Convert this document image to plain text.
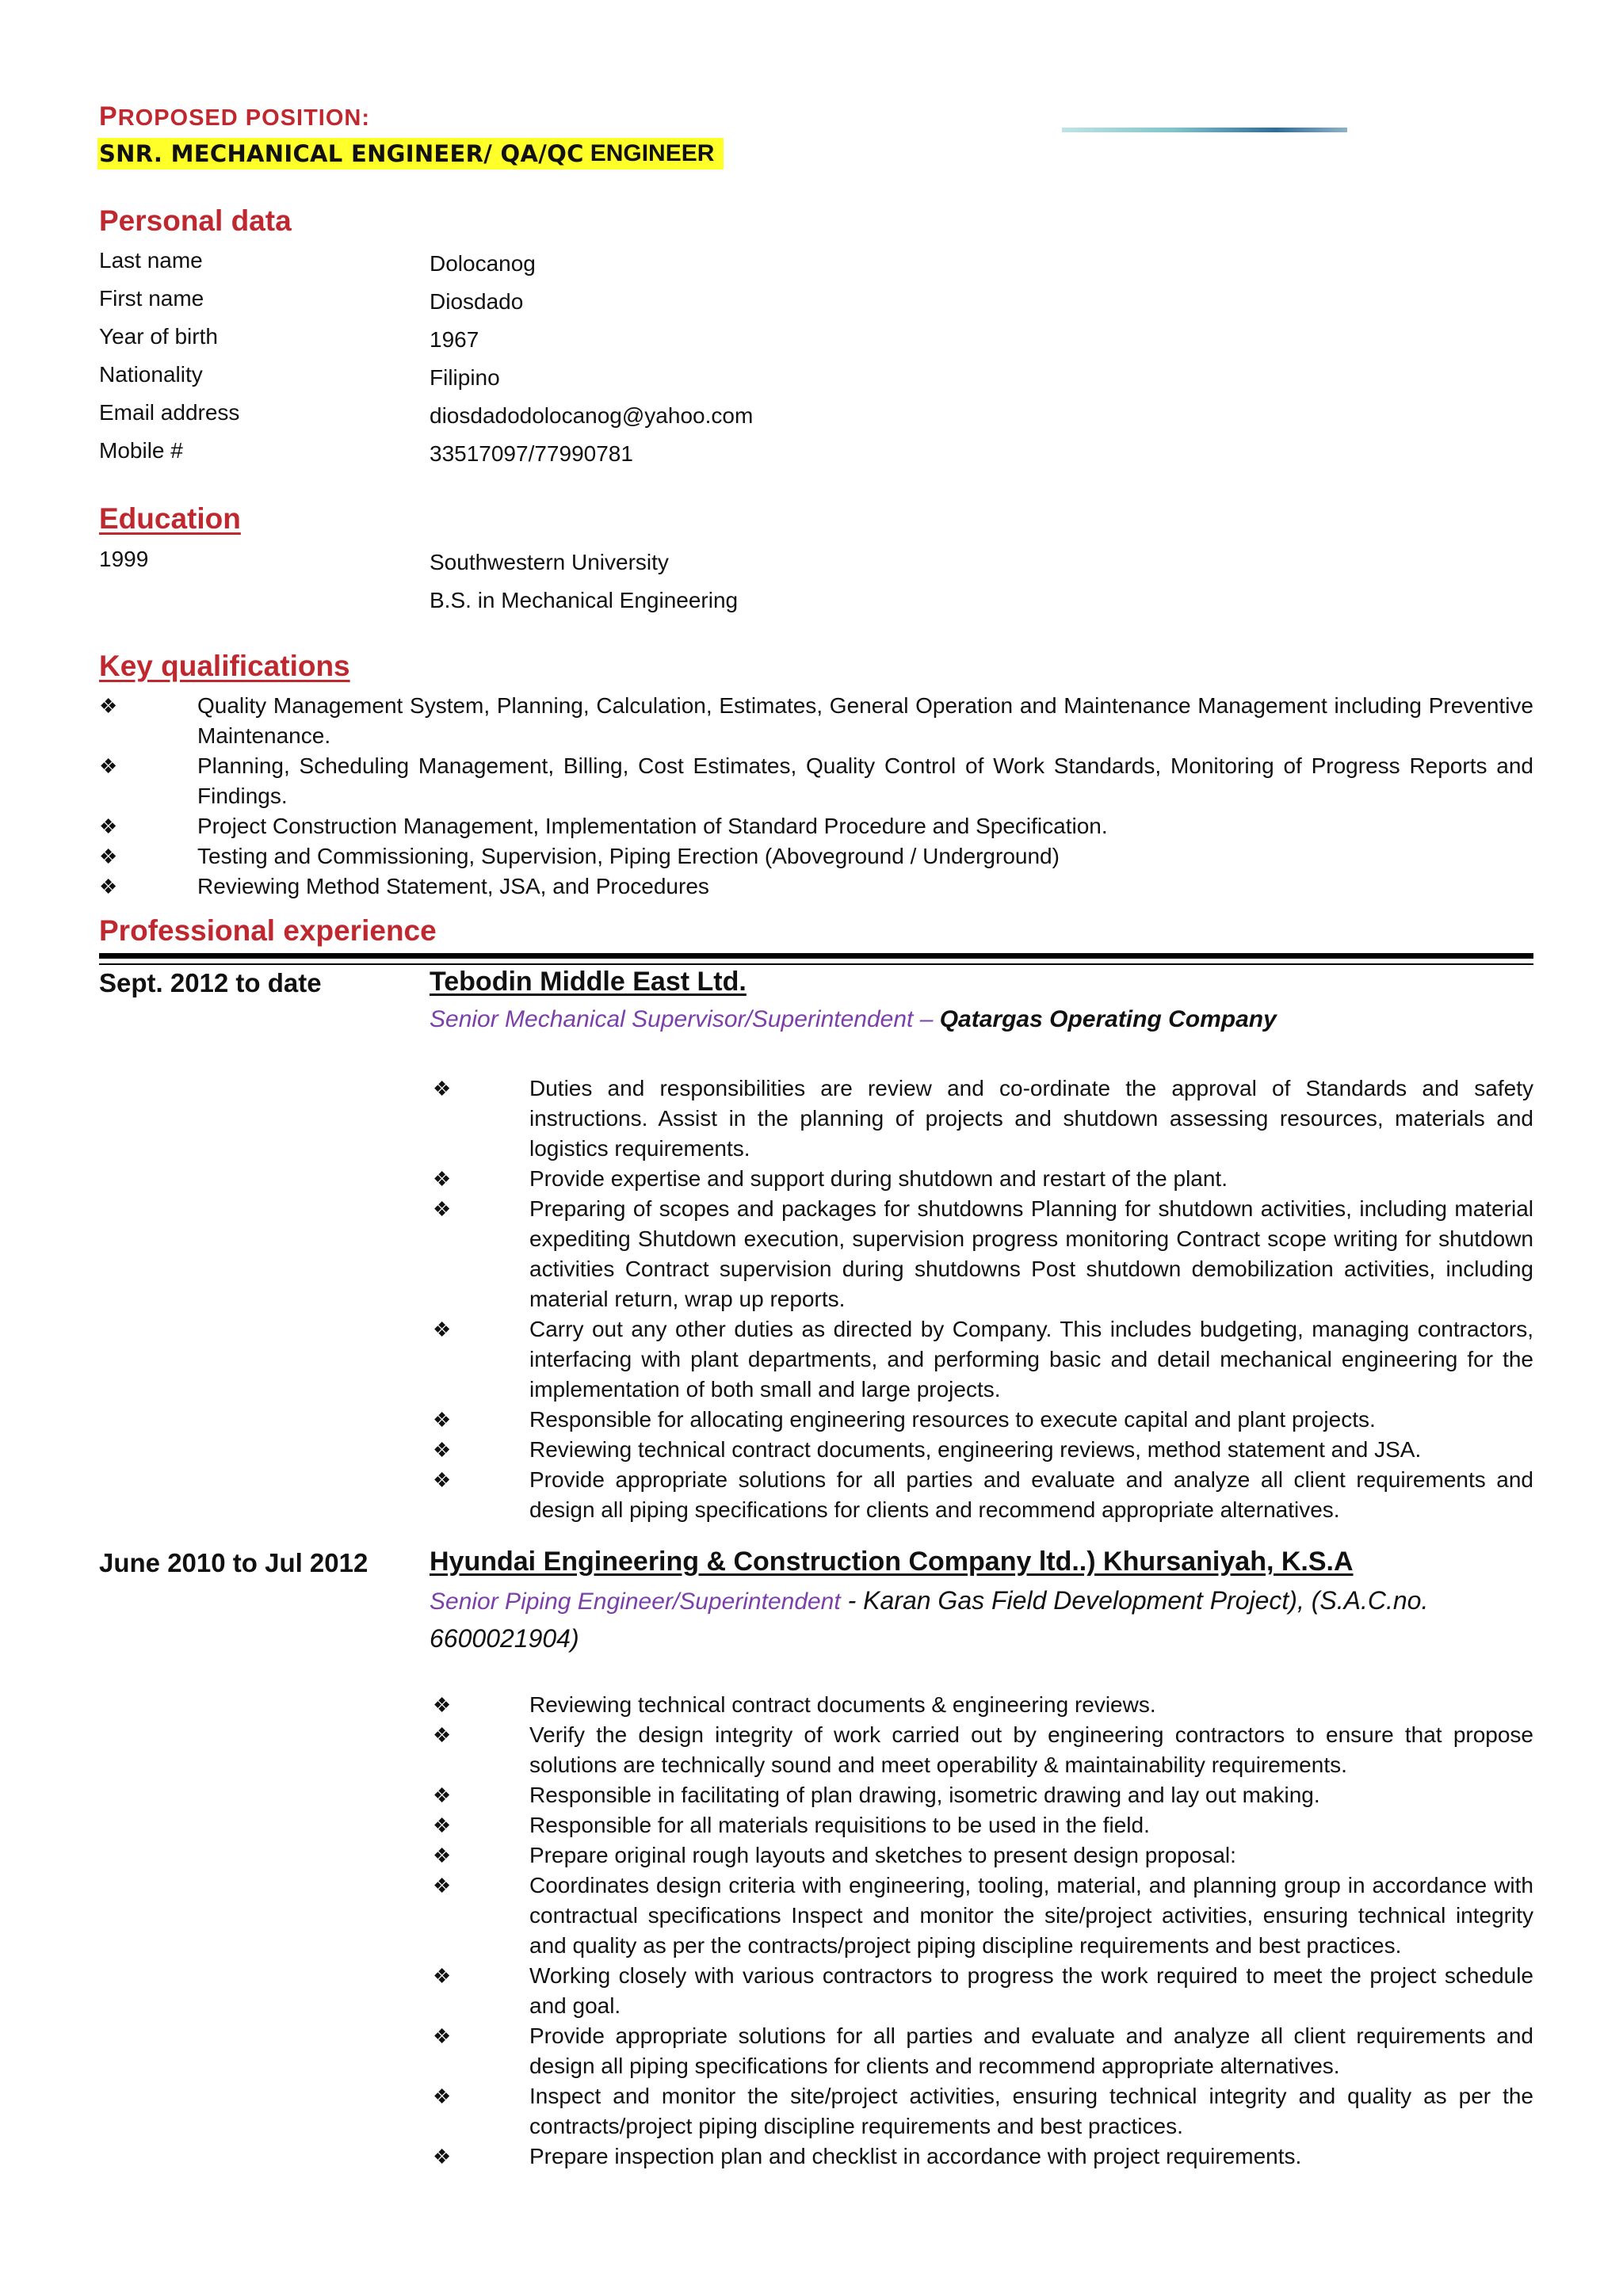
PROPOSED POSITION:
SNR. MECHANICAL ENGINEER/ QA/QC ENGINEER
Personal data
Last name	Dolocanog
First name	Diosdado
Year of birth	1967
Nationality	Filipino
Email address	diosdadodolocanog@yahoo.com
Mobile #	33517097/77990781
Education
1999	Southwestern University
B.S. in Mechanical Engineering
Key qualifications
❖	Quality Management System, Planning, Calculation, Estimates, General Operation and Maintenance Management including Preventive Maintenance.
❖	Planning, Scheduling Management, Billing, Cost Estimates, Quality Control of Work Standards, Monitoring of Progress Reports and Findings.
❖	Project Construction Management, Implementation of Standard Procedure and Specification.
❖	Testing and Commissioning, Supervision, Piping Erection (Aboveground / Underground)
❖	Reviewing Method Statement, JSA, and Procedures
Professional experience
Sept. 2012 to date	Tebodin Middle East Ltd.
Senior Mechanical Supervisor/Superintendent – Qatargas Operating Company
❖	Duties and responsibilities are review and co-ordinate the approval of Standards and safety instructions. Assist in the planning of projects and shutdown assessing resources, materials and logistics requirements.
❖	Provide expertise and support during shutdown and restart of the plant.
❖	Preparing of scopes and packages for shutdowns Planning for shutdown activities, including material expediting Shutdown execution, supervision progress monitoring Contract scope writing for shutdown activities Contract supervision during shutdowns Post shutdown demobilization activities, including material return, wrap up reports.
❖	Carry out any other duties as directed by Company. This includes budgeting, managing contractors, interfacing with plant departments, and performing basic and detail mechanical engineering for the implementation of both small and large projects.
❖	Responsible for allocating engineering resources to execute capital and plant projects.
❖	Reviewing technical contract documents, engineering reviews, method statement and JSA.
❖	Provide appropriate solutions for all parties and evaluate and analyze all client requirements and design all piping specifications for clients and recommend appropriate alternatives.
June 2010 to Jul 2012 Hyundai Engineering & Construction Company ltd..) Khursaniyah, K.S.A
Senior Piping Engineer/Superintendent - Karan Gas Field Development Project), (S.A.C.no. 6600021904)
❖	Reviewing technical contract documents & engineering reviews.
❖	Verify the design integrity of work carried out by engineering contractors to ensure that propose solutions are technically sound and meet operability & maintainability requirements.
❖	Responsible in facilitating of plan drawing, isometric drawing and lay out making.
❖	Responsible for all materials requisitions to be used in the field.
❖	Prepare original rough layouts and sketches to present design proposal:
❖	Coordinates design criteria with engineering, tooling, material, and planning group in accordance with contractual specifications Inspect and monitor the site/project activities, ensuring technical integrity and quality as per the contracts/project piping discipline requirements and best practices.
❖	Working closely with various contractors to progress the work required to meet the project schedule and goal.
❖	Provide appropriate solutions for all parties and evaluate and analyze all client requirements and design all piping specifications for clients and recommend appropriate alternatives.
❖	Inspect and monitor the site/project activities, ensuring technical integrity and quality as per the contracts/project piping discipline requirements and best practices.
❖	Prepare inspection plan and checklist in accordance with project requirements.
